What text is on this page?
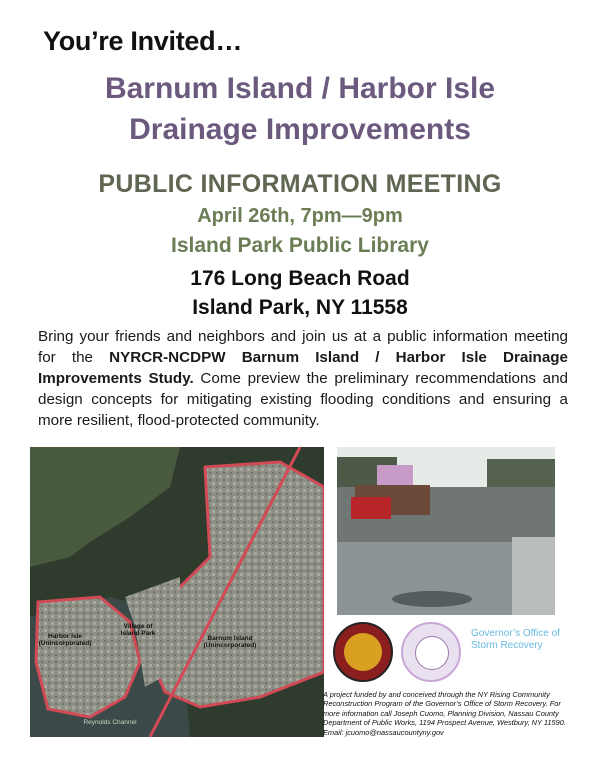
You’re Invited…
Barnum Island / Harbor Isle
Drainage Improvements
PUBLIC INFORMATION MEETING
April 26th, 7pm—9pm
Island Park Public Library
176 Long Beach Road
Island Park, NY 11558
Bring your friends and neighbors and join us at a public information meeting for the NYRCR-NCDPW Barnum Island / Harbor Isle Drainage Improvements Study. Come preview the preliminary recommendations and design concepts for mitigating existing flooding conditions and ensuring a more resilient, flood-protected community.
Harbor Isle (Unincorporated)
Village of Island Park
Barnum Island (Unincorporated)
Reynolds Channel
Governor’s Office of Storm Recovery
A project funded by and conceived through the NY Rising Community Reconstruction Program of the Governor’s Office of Storm Recovery. For more information call Joseph Cuomo, Planning Division, Nassau County Department of Public Works, 1194 Prospect Avenue, Westbury, NY 11590. Email: jcuomo@nassaucountyny.gov
